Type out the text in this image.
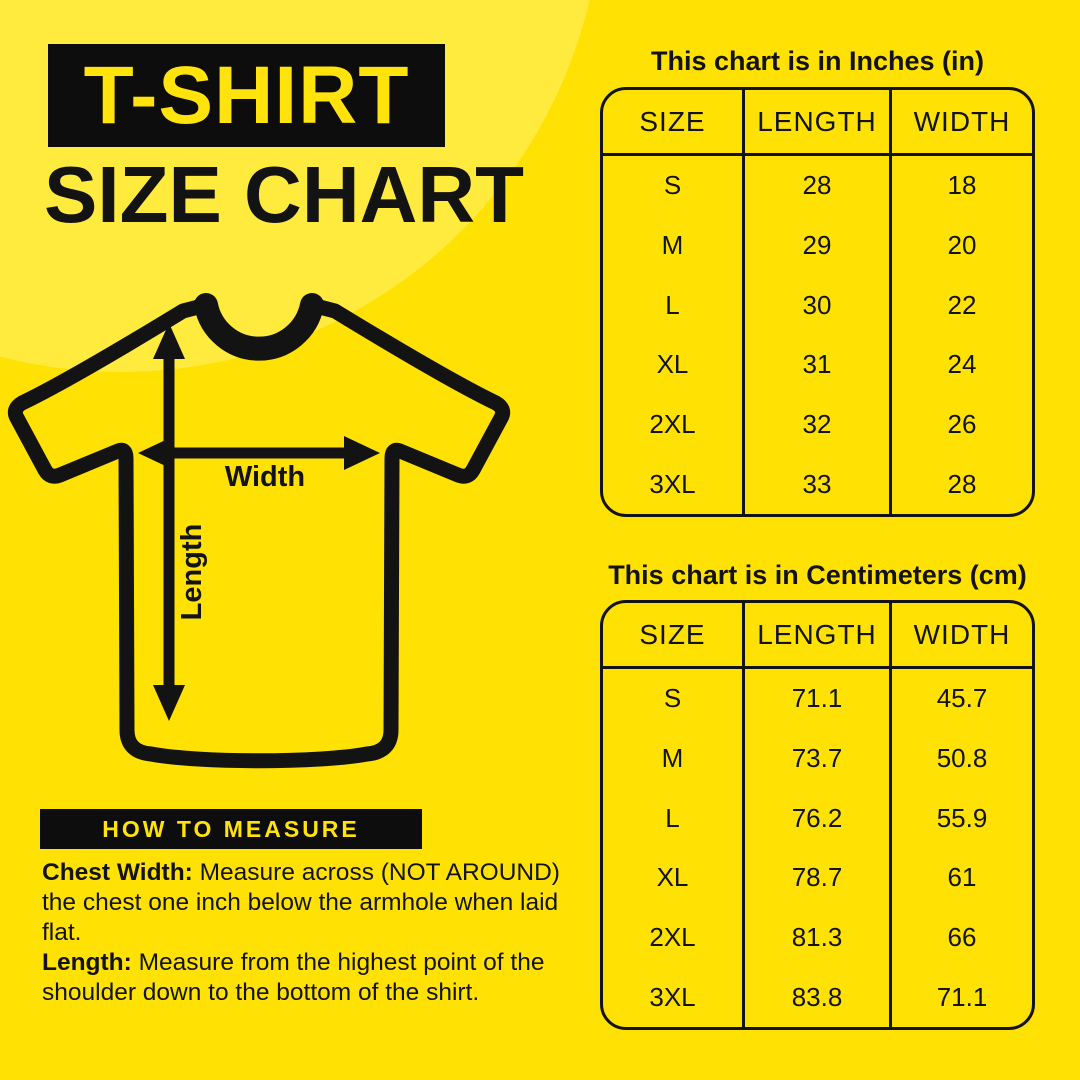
T-SHIRT
SIZE CHART
Width
Length
This chart is in Inches (in)
SIZE	LENGTH	WIDTH
S	28	18
M	29	20
L	30	22
XL	31	24
2XL	32	26
3XL	33	28
This chart is in Centimeters (cm)
SIZE	LENGTH	WIDTH
S	71.1	45.7
M	73.7	50.8
L	76.2	55.9
XL	78.7	61
2XL	81.3	66
3XL	83.8	71.1
HOW TO MEASURE

Chest Width: Measure across (NOT AROUND) the chest one inch below the armhole when laid flat.

Length: Measure from the highest point of the shoulder down to the bottom of the shirt.
